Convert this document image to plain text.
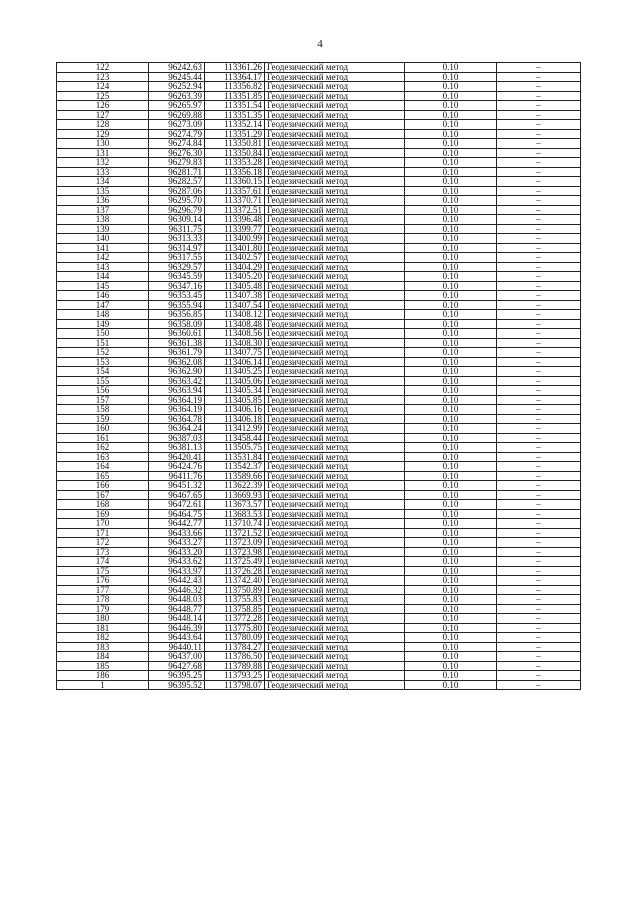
4
122	96242.63	113361.26	Геодезический метод	0.10	–
123	96245.44	113364.17	Геодезический метод	0.10	–
124	96252.94	113356.82	Геодезический метод	0.10	–
125	96263.39	113351.85	Геодезический метод	0.10	–
126	96265.97	113351.54	Геодезический метод	0.10	–
127	96269.88	113351.35	Геодезический метод	0.10	–
128	96273.09	113352.14	Геодезический метод	0.10	–
129	96274.79	113351.29	Геодезический метод	0.10	–
130	96274.84	113350.81	Геодезический метод	0.10	–
131	96276.30	113350.84	Геодезический метод	0.10	–
132	96279.83	113353.28	Геодезический метод	0.10	–
133	96281.71	113356.18	Геодезический метод	0.10	–
134	96282.57	113360.15	Геодезический метод	0.10	–
135	96287.06	113357.61	Геодезический метод	0.10	–
136	96295.70	113370.71	Геодезический метод	0.10	–
137	96296.79	113372.51	Геодезический метод	0.10	–
138	96309.14	113396.48	Геодезический метод	0.10	–
139	96311.75	113399.77	Геодезический метод	0.10	–
140	96313.33	113400.99	Геодезический метод	0.10	–
141	96314.97	113401.80	Геодезический метод	0.10	–
142	96317.55	113402.57	Геодезический метод	0.10	–
143	96329.57	113404.29	Геодезический метод	0.10	–
144	96345.59	113405.20	Геодезический метод	0.10	–
145	96347.16	113405.48	Геодезический метод	0.10	–
146	96353.45	113407.38	Геодезический метод	0.10	–
147	96355.94	113407.54	Геодезический метод	0.10	–
148	96356.85	113408.12	Геодезический метод	0.10	–
149	96358.09	113408.48	Геодезический метод	0.10	–
150	96360.61	113408.56	Геодезический метод	0.10	–
151	96361.38	113408.30	Геодезический метод	0.10	–
152	96361.79	113407.75	Геодезический метод	0.10	–
153	96362.08	113406.14	Геодезический метод	0.10	–
154	96362.90	113405.25	Геодезический метод	0.10	–
155	96363.42	113405.06	Геодезический метод	0.10	–
156	96363.94	113405.34	Геодезический метод	0.10	–
157	96364.19	113405.85	Геодезический метод	0.10	–
158	96364.19	113406.16	Геодезический метод	0.10	–
159	96364.78	113406.18	Геодезический метод	0.10	–
160	96364.24	113412.99	Геодезический метод	0.10	–
161	96387.03	113458.44	Геодезический метод	0.10	–
162	96381.13	113505.75	Геодезический метод	0.10	–
163	96420.41	113531.84	Геодезический метод	0.10	–
164	96424.76	113542.37	Геодезический метод	0.10	–
165	96411.76	113589.66	Геодезический метод	0.10	–
166	96451.32	113622.39	Геодезический метод	0.10	–
167	96467.65	113669.93	Геодезический метод	0.10	–
168	96472.61	113673.57	Геодезический метод	0.10	–
169	96464.75	113683.53	Геодезический метод	0.10	–
170	96442.77	113710.74	Геодезический метод	0.10	–
171	96433.66	113721.52	Геодезический метод	0.10	–
172	96433.27	113723.09	Геодезический метод	0.10	–
173	96433.20	113723.98	Геодезический метод	0.10	–
174	96433.62	113725.49	Геодезический метод	0.10	–
175	96433.97	113726.28	Геодезический метод	0.10	–
176	96442.43	113742.40	Геодезический метод	0.10	–
177	96446.32	113750.89	Геодезический метод	0.10	–
178	96448.03	113755.83	Геодезический метод	0.10	–
179	96448.77	113758.85	Геодезический метод	0.10	–
180	96448.14	113772.28	Геодезический метод	0.10	–
181	96446.39	113775.80	Геодезический метод	0.10	–
182	96443.64	113780.09	Геодезический метод	0.10	–
183	96440.11	113784.27	Геодезический метод	0.10	–
184	96437.00	113786.50	Геодезический метод	0.10	–
185	96427.68	113789.88	Геодезический метод	0.10	–
186	96395.25	113793.25	Геодезический метод	0.10	–
1	96395.52	113798.07	Геодезический метод	0.10	–
